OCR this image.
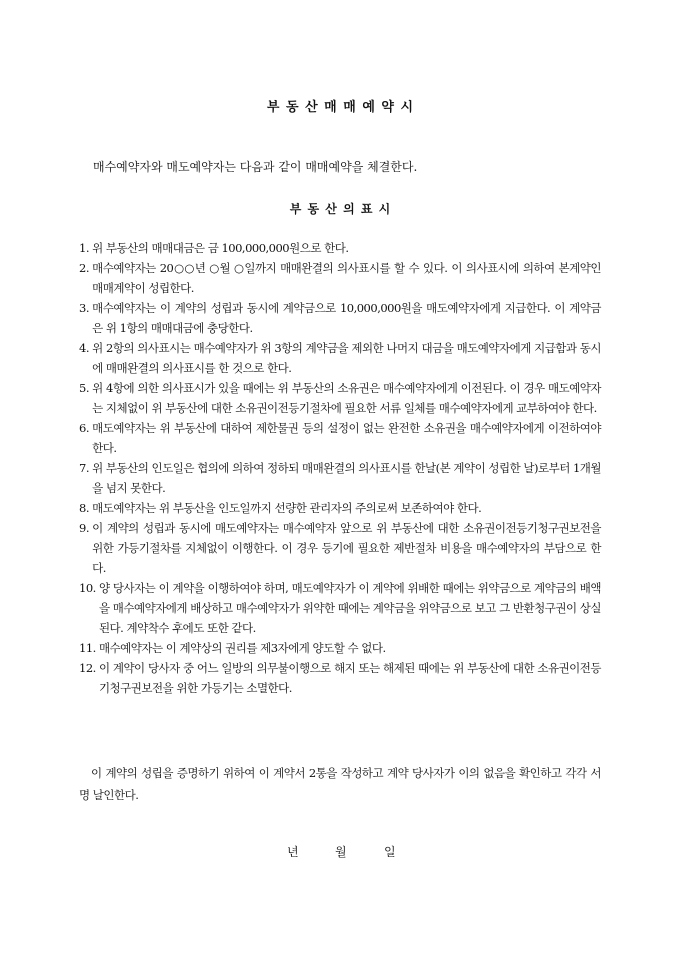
부 동 산 매 매 예 약 시
매수예약자와 매도예약자는 다음과 같이 매매예약을 체결한다.
부 동 산 의 표 시
1. 위 부동산의 매매대금은 금 100,000,000원으로 한다.
2. 매수예약자는 20○○년 ○월 ○일까지 매매완결의 의사표시를 할 수 있다. 이 의사표시에 의하여 본계약인 매매계약이 성립한다.
3. 매수예약자는 이 계약의 성립과 동시에 계약금으로 10,000,000원을 매도예약자에게 지급한다. 이 계약금은 위 1항의 매매대금에 충당한다.
4. 위 2항의 의사표시는 매수예약자가 위 3항의 계약금을 제외한 나머지 대금을 매도예약자에게 지급함과 동시에 매매완결의 의사표시를 한 것으로 한다.
5. 위 4항에 의한 의사표시가 있을 때에는 위 부동산의 소유권은 매수예약자에게 이전된다. 이 경우 매도예약자는 지체없이 위 부동산에 대한 소유권이전등기절차에 필요한 서류 일체를 매수예약자에게 교부하여야 한다.
6. 매도예약자는 위 부동산에 대하여 제한물권 등의 설정이 없는 완전한 소유권을 매수예약자에게 이전하여야 한다.
7. 위 부동산의 인도일은 협의에 의하여 정하되 매매완결의 의사표시를 한날(본 계약이 성립한 날)로부터 1개월을 넘지 못한다.
8. 매도예약자는 위 부동산을 인도일까지 선량한 관리자의 주의로써 보존하여야 한다.
9. 이 계약의 성립과 동시에 매도예약자는 매수예약자 앞으로 위 부동산에 대한 소유권이전등기청구권보전을 위한 가등기절차를 지체없이 이행한다. 이 경우 등기에 필요한 제반절차 비용을 매수예약자의 부담으로 한다.
10. 양 당사자는 이 계약을 이행하여야 하며, 매도예약자가 이 계약에 위배한 때에는 위약금으로 계약금의 배액을 매수예약자에게 배상하고 매수예약자가 위약한 때에는 계약금을 위약금으로 보고 그 반환청구권이 상실된다. 계약착수 후에도 또한 같다.
11. 매수예약자는 이 계약상의 권리를 제3자에게 양도할 수 없다.
12. 이 계약이 당사자 중 어느 일방의 의무불이행으로 해지 또는 해제된 때에는 위 부동산에 대한 소유권이전등기청구권보전을 위한 가등기는 소멸한다.
이 계약의 성립을 증명하기 위하여 이 계약서 2통을 작성하고 계약 당사자가 이의 없음을 확인하고 각각 서명 날인한다.
년	월	일
